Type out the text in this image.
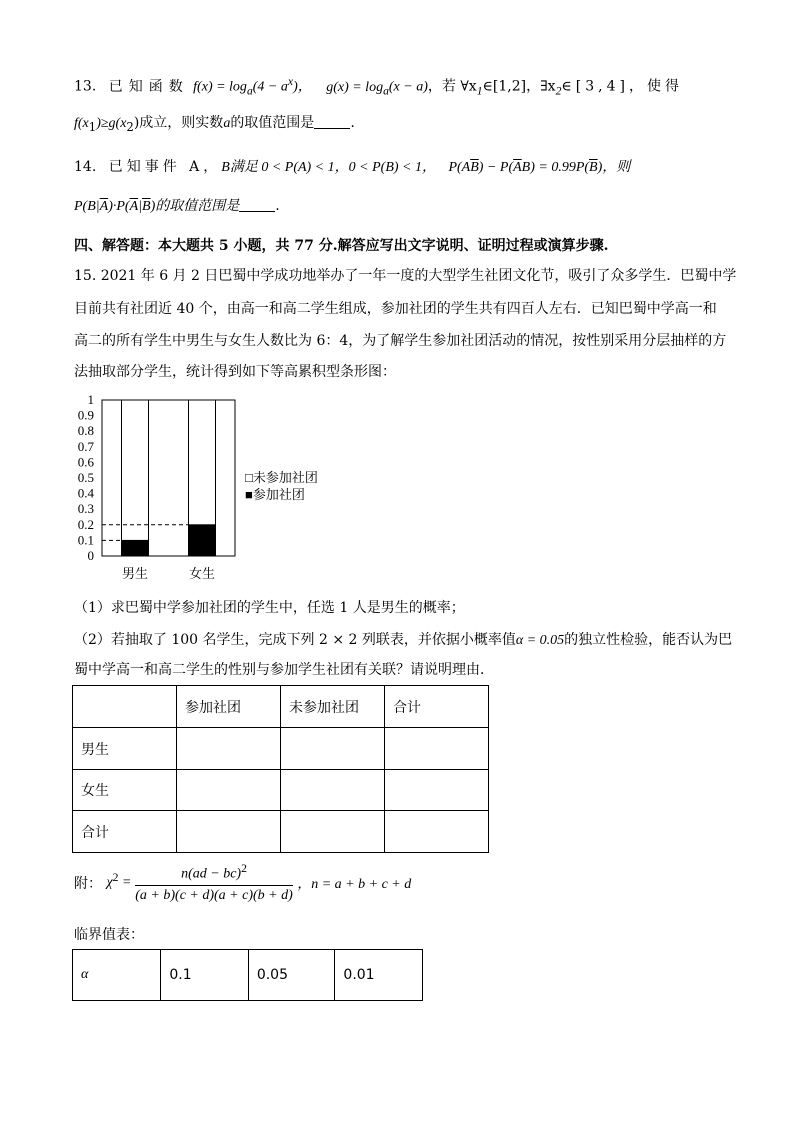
13. 已知函数 $f(x) = \log_a(4 - a^x)$， $g(x) = \log_a(x - a)$，若 $\forall x_1\in[1,2]$，$\exists x_2\in[3,4]$，使得
$f(x_1)\ge g(x_2)$成立，则实数a的取值范围是	.
14. 已知事件 A，B满足 0 < P(A) < 1，0 < P(B) < 1， $P(A\overline{B}) - P(\overline{A}B) = 0.99P(\overline{B})$，则
$P(B|\overline{A})\cdot P(\overline{A}|\overline{B})$的取值范围是	.
四、解答题：本大题共 5 小题，共 77 分.解答应写出文字说明、证明过程或演算步骤.
15. 2021 年 6 月 2 日巴蜀中学成功地举办了一年一度的大型学生社团文化节，吸引了众多学生．巴蜀中学
目前共有社团近 40 个，由高一和高二学生组成，参加社团的学生共有四百人左右．已知巴蜀中学高一和
高二的所有学生中男生与女生人数比为 6：4，为了解学生参加社团活动的情况，按性别采用分层抽样的方
法抽取部分学生，统计得到如下等高累积型条形图：
0
0.1
0.2
0.3
0.4
0.5
0.6
0.7
0.8
0.9
1
男生	女生
□未参加社团
■参加社团
（1）求巴蜀中学参加社团的学生中，任选 1 人是男生的概率；
（2）若抽取了 100 名学生，完成下列 2 × 2 列联表，并依据小概率值α = 0.05的独立性检验，能否认为巴
蜀中学高一和高二学生的性别与参加学生社团有关联？请说明理由．
	参加社团	未参加社团	合计
男生			
女生			
合计			
附： $\chi^2 = \frac{n(ad - bc)^2}{(a + b)(c + d)(a + c)(b + d)}$ ，n = a + b + c + d
临界值表：
α	0.1	0.05	0.01
